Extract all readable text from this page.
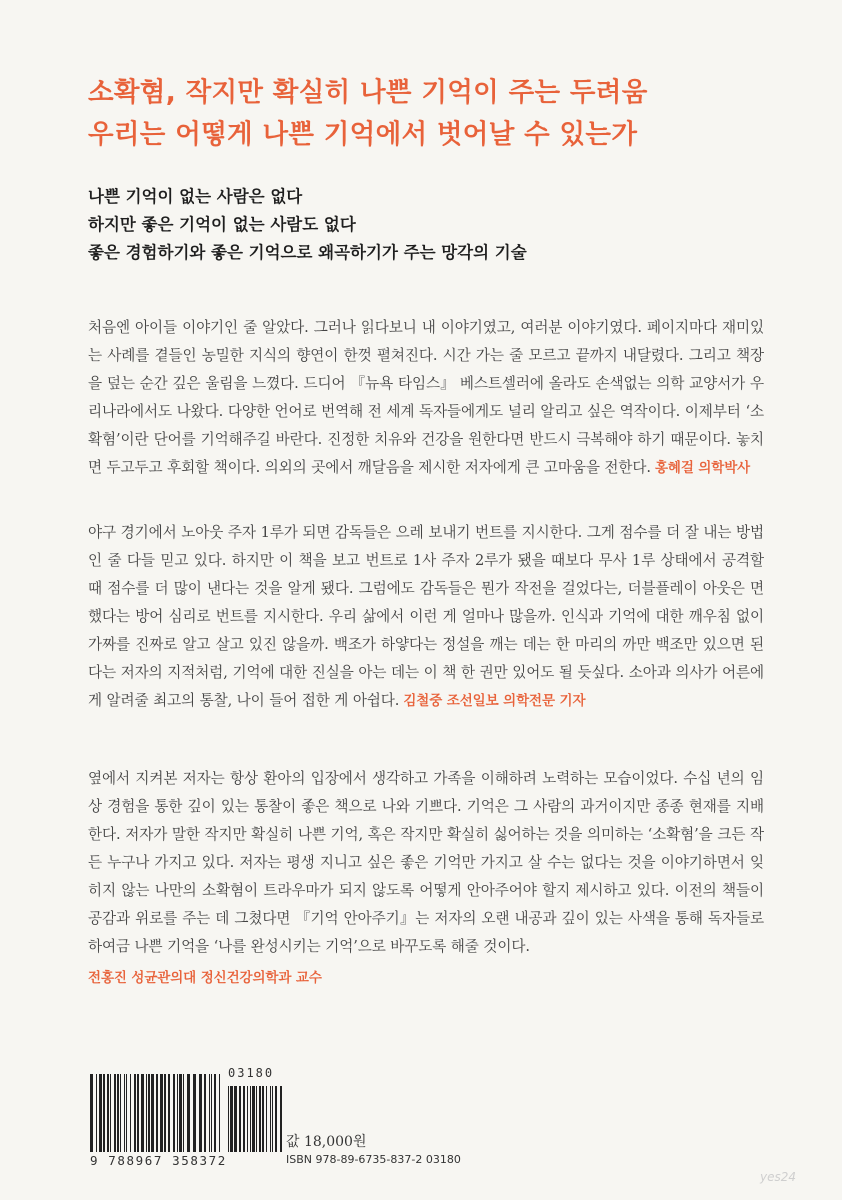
소확혐, 작지만 확실히 나쁜 기억이 주는 두려움
우리는 어떻게 나쁜 기억에서 벗어날 수 있는가
나쁜 기억이 없는 사람은 없다
하지만 좋은 기억이 없는 사람도 없다
좋은 경험하기와 좋은 기억으로 왜곡하기가 주는 망각의 기술
처음엔 아이들 이야기인 줄 알았다. 그러나 읽다보니 내 이야기였고, 여러분 이야기였다. 페이지마다 재미있는 사례를 곁들인 농밀한 지식의 향연이 한껏 펼쳐진다. 시간 가는 줄 모르고 끝까지 내달렸다. 그리고 책장을 덮는 순간 깊은 울림을 느꼈다. 드디어 『뉴욕 타임스』 베스트셀러에 올라도 손색없는 의학 교양서가 우리나라에서도 나왔다. 다양한 언어로 번역해 전 세계 독자들에게도 널리 알리고 싶은 역작이다. 이제부터 ‘소확혐’이란 단어를 기억해주길 바란다. 진정한 치유와 건강을 원한다면 반드시 극복해야 하기 때문이다. 놓치면 두고두고 후회할 책이다. 의외의 곳에서 깨달음을 제시한 저자에게 큰 고마움을 전한다. 홍혜걸 의학박사
야구 경기에서 노아웃 주자 1루가 되면 감독들은 으레 보내기 번트를 지시한다. 그게 점수를 더 잘 내는 방법인 줄 다들 믿고 있다. 하지만 이 책을 보고 번트로 1사 주자 2루가 됐을 때보다 무사 1루 상태에서 공격할 때 점수를 더 많이 낸다는 것을 알게 됐다. 그럼에도 감독들은 뭔가 작전을 걸었다는, 더블플레이 아웃은 면했다는 방어 심리로 번트를 지시한다. 우리 삶에서 이런 게 얼마나 많을까. 인식과 기억에 대한 깨우침 없이 가짜를 진짜로 알고 살고 있진 않을까. 백조가 하얗다는 정설을 깨는 데는 한 마리의 까만 백조만 있으면 된다는 저자의 지적처럼, 기억에 대한 진실을 아는 데는 이 책 한 권만 있어도 될 듯싶다. 소아과 의사가 어른에게 알려줄 최고의 통찰, 나이 들어 접한 게 아쉽다. 김철중 조선일보 의학전문 기자
옆에서 지켜본 저자는 항상 환아의 입장에서 생각하고 가족을 이해하려 노력하는 모습이었다. 수십 년의 임상 경험을 통한 깊이 있는 통찰이 좋은 책으로 나와 기쁘다. 기억은 그 사람의 과거이지만 종종 현재를 지배한다. 저자가 말한 작지만 확실히 나쁜 기억, 혹은 작지만 확실히 싫어하는 것을 의미하는 ‘소확혐’을 크든 작든 누구나 가지고 있다. 저자는 평생 지니고 싶은 좋은 기억만 가지고 살 수는 없다는 것을 이야기하면서 잊히지 않는 나만의 소확혐이 트라우마가 되지 않도록 어떻게 안아주어야 할지 제시하고 있다. 이전의 책들이 공감과 위로를 주는 데 그쳤다면 『기억 안아주기』는 저자의 오랜 내공과 깊이 있는 사색을 통해 독자들로 하여금 나쁜 기억을 ‘나를 완성시키는 기억’으로 바꾸도록 해줄 것이다.
전홍진 성균관의대 정신건강의학과 교수
03180
9 788967 358372
값 18,000원
ISBN 978-89-6735-837-2 03180
yes24
